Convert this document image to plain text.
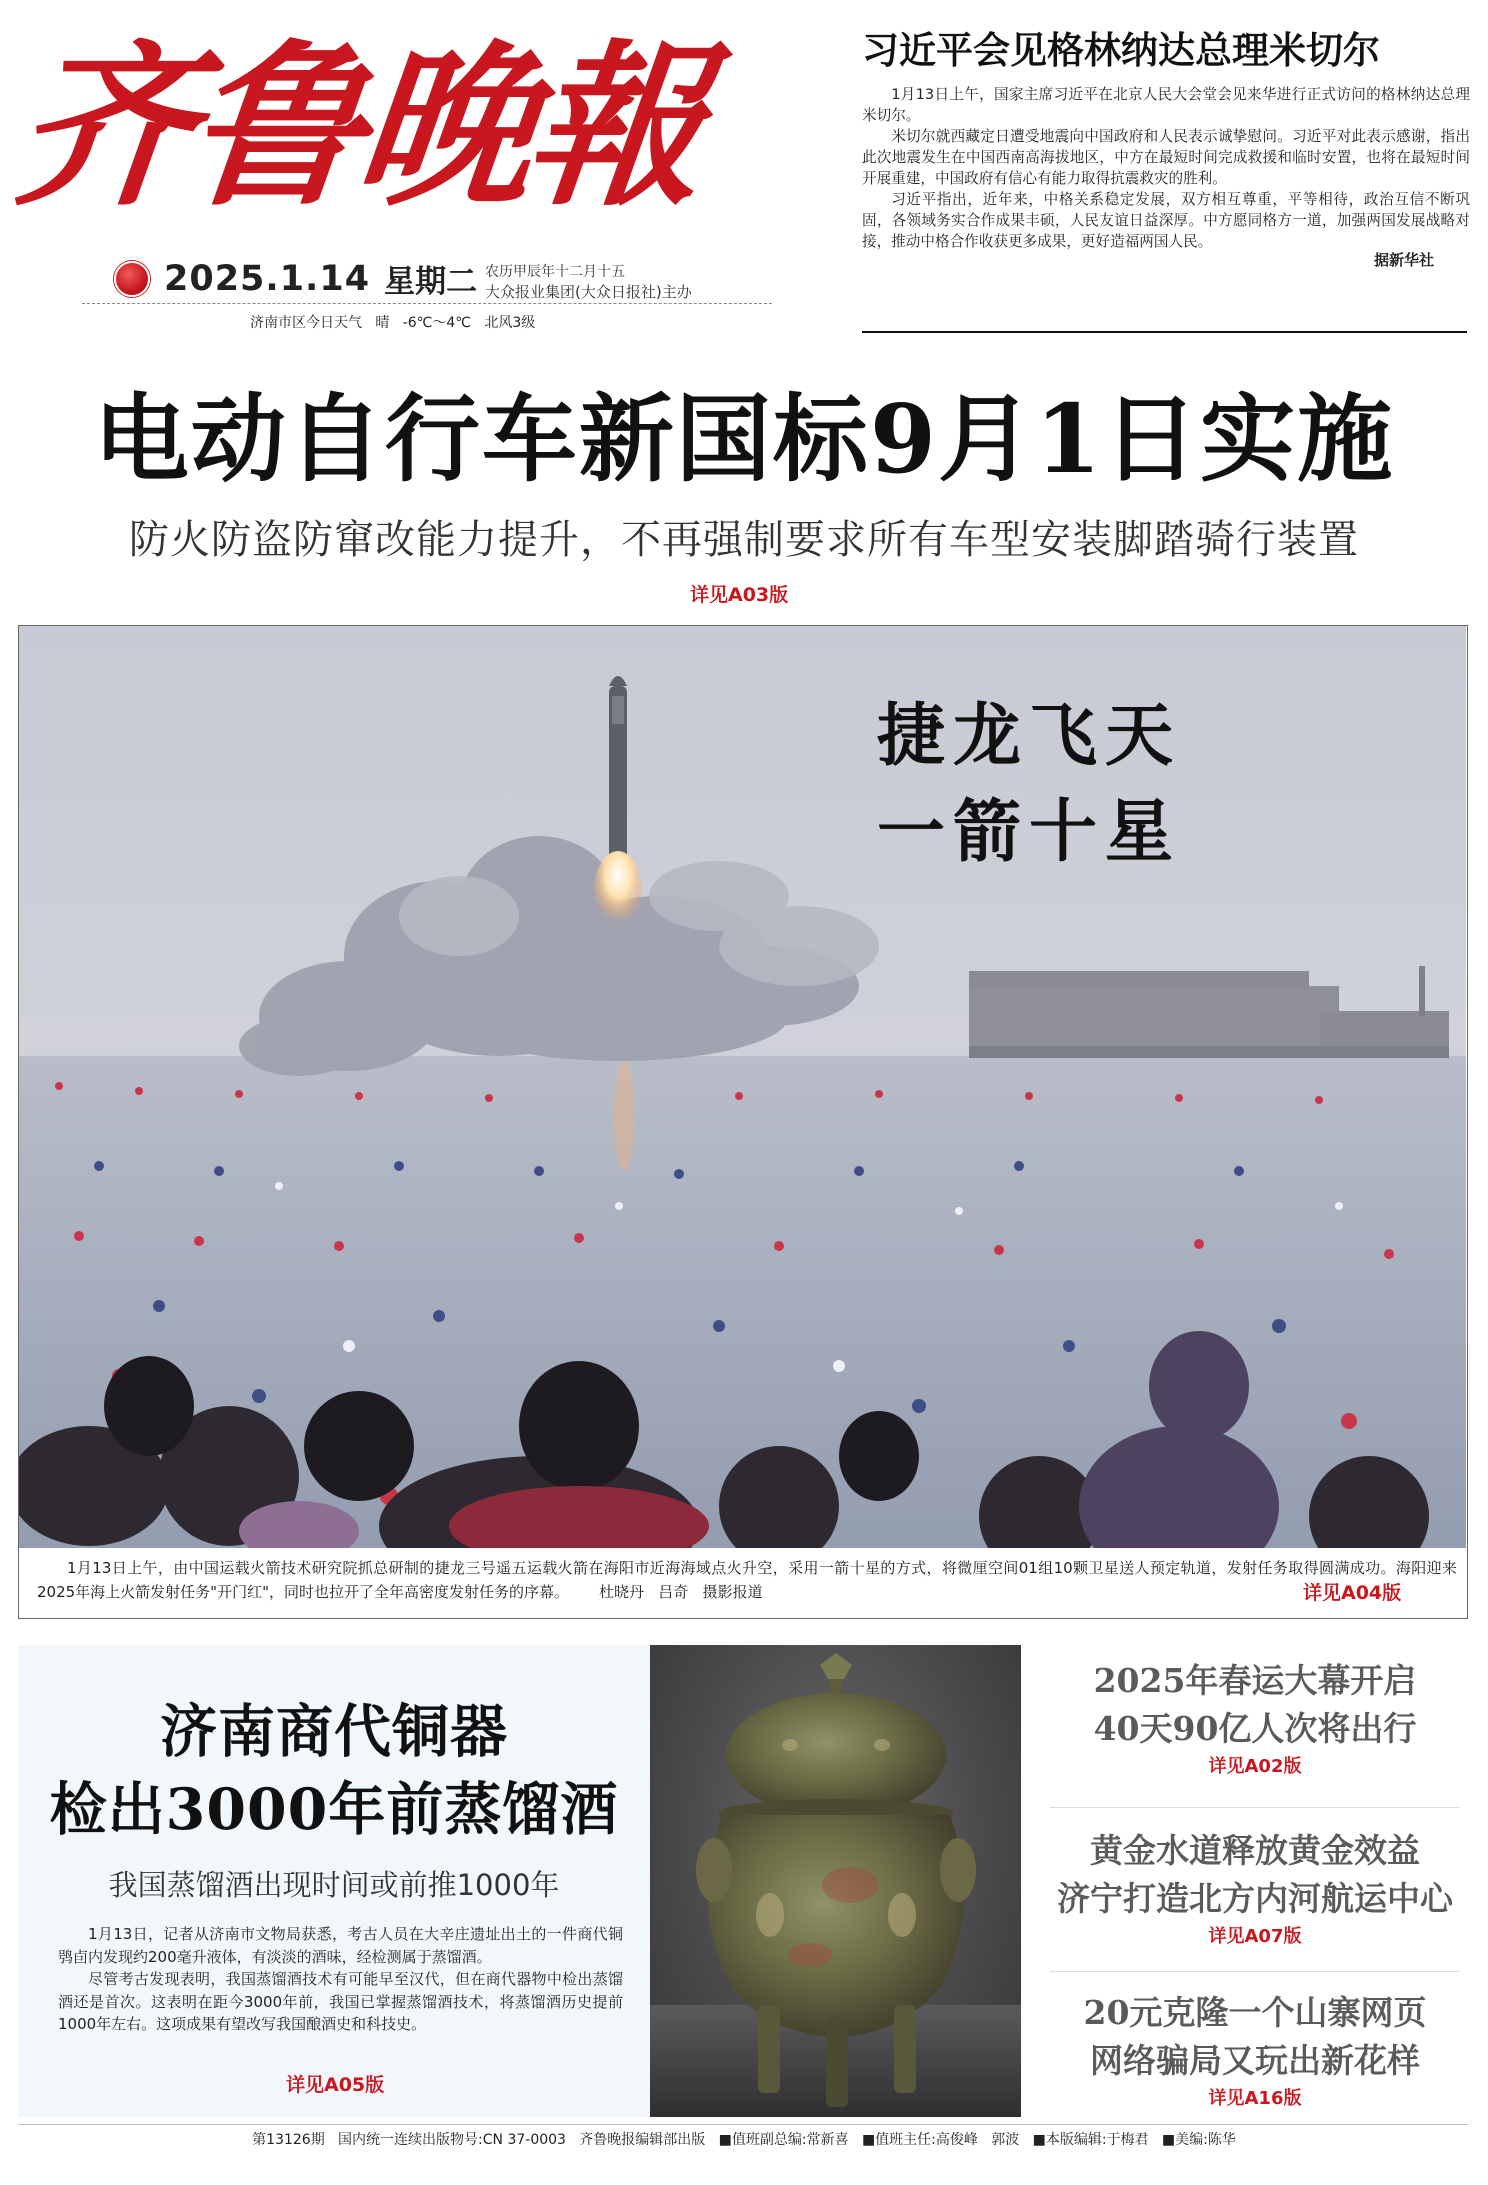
齐鲁晚報
2025.1.14 星期二 农历甲辰年十二月十五
大众报业集团(大众日报社)主办
济南市区今日天气   晴   -6℃～4℃   北风3级
习近平会见格林纳达总理米切尔

1月13日上午，国家主席习近平在北京人民大会堂会见来华进行正式访问的格林纳达总理米切尔。

米切尔就西藏定日遭受地震向中国政府和人民表示诚挚慰问。习近平对此表示感谢，指出此次地震发生在中国西南高海拔地区，中方在最短时间完成救援和临时安置，也将在最短时间开展重建，中国政府有信心有能力取得抗震救灾的胜利。

习近平指出，近年来，中格关系稳定发展，双方相互尊重，平等相待，政治互信不断巩固，各领域务实合作成果丰硕，人民友谊日益深厚。中方愿同格方一道，加强两国发展战略对接，推动中格合作收获更多成果，更好造福两国人民。

据新华社
电动自行车新国标9月1日实施
防火防盗防窜改能力提升，不再强制要求所有车型安装脚踏骑行装置
详见A03版
捷龙飞天
一箭十星
1月13日上午，由中国运载火箭技术研究院抓总研制的捷龙三号遥五运载火箭在海阳市近海海域点火升空，采用一箭十星的方式，将微厘空间01组10颗卫星送人预定轨道，发射任务取得圆满成功。海阳迎来2025年海上火箭发射任务"开门红"，同时也拉开了全年高密度发射任务的序幕。 杜晓丹   吕奇   摄影报道	详见A04版
济南商代铜器
检出3000年前蒸馏酒
我国蒸馏酒出现时间或前推1000年

1月13日，记者从济南市文物局获悉，考古人员在大辛庄遗址出土的一件商代铜鸮卣内发现约200毫升液体，有淡淡的酒味，经检测属于蒸馏酒。

尽管考古发现表明，我国蒸馏酒技术有可能早至汉代，但在商代器物中检出蒸馏酒还是首次。这表明在距今3000年前，我国已掌握蒸馏酒技术，将蒸馏酒历史提前1000年左右。这项成果有望改写我国酿酒史和科技史。

详见A05版
2025年春运大幕开启
40天90亿人次将出行
详见A02版
黄金水道释放黄金效益
济宁打造北方内河航运中心
详见A07版
20元克隆一个山寨网页
网络骗局又玩出新花样
详见A16版
第13126期   国内统一连续出版物号:CN 37-0003   齐鲁晚报编辑部出版   ■值班副总编:常新喜   ■值班主任:高俊峰   郭波   ■本版编辑:于梅君   ■美编:陈华
